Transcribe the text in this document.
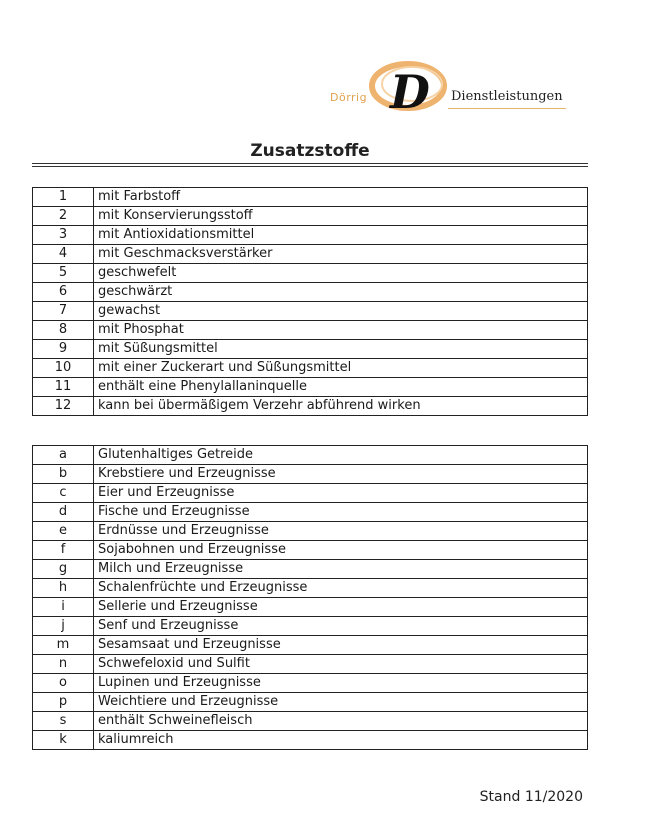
Dörrig D Dienstleistungen
Zusatzstoffe
1	mit Farbstoff
2	mit Konservierungsstoff
3	mit Antioxidationsmittel
4	mit Geschmacksverstärker
5	geschwefelt
6	geschwärzt
7	gewachst
8	mit Phosphat
9	mit Süßungsmittel
10	mit einer Zuckerart und Süßungsmittel
11	enthält eine Phenylallaninquelle
12	kann bei übermäßigem Verzehr abführend wirken
a	Glutenhaltiges Getreide
b	Krebstiere und Erzeugnisse
c	Eier und Erzeugnisse
d	Fische und Erzeugnisse
e	Erdnüsse und Erzeugnisse
f	Sojabohnen und Erzeugnisse
g	Milch und Erzeugnisse
h	Schalenfrüchte und Erzeugnisse
i	Sellerie und Erzeugnisse
j	Senf und Erzeugnisse
m	Sesamsaat und Erzeugnisse
n	Schwefeloxid und Sulfit
o	Lupinen und Erzeugnisse
p	Weichtiere und Erzeugnisse
s	enthält Schweinefleisch
k	kaliumreich
Stand 11/2020
